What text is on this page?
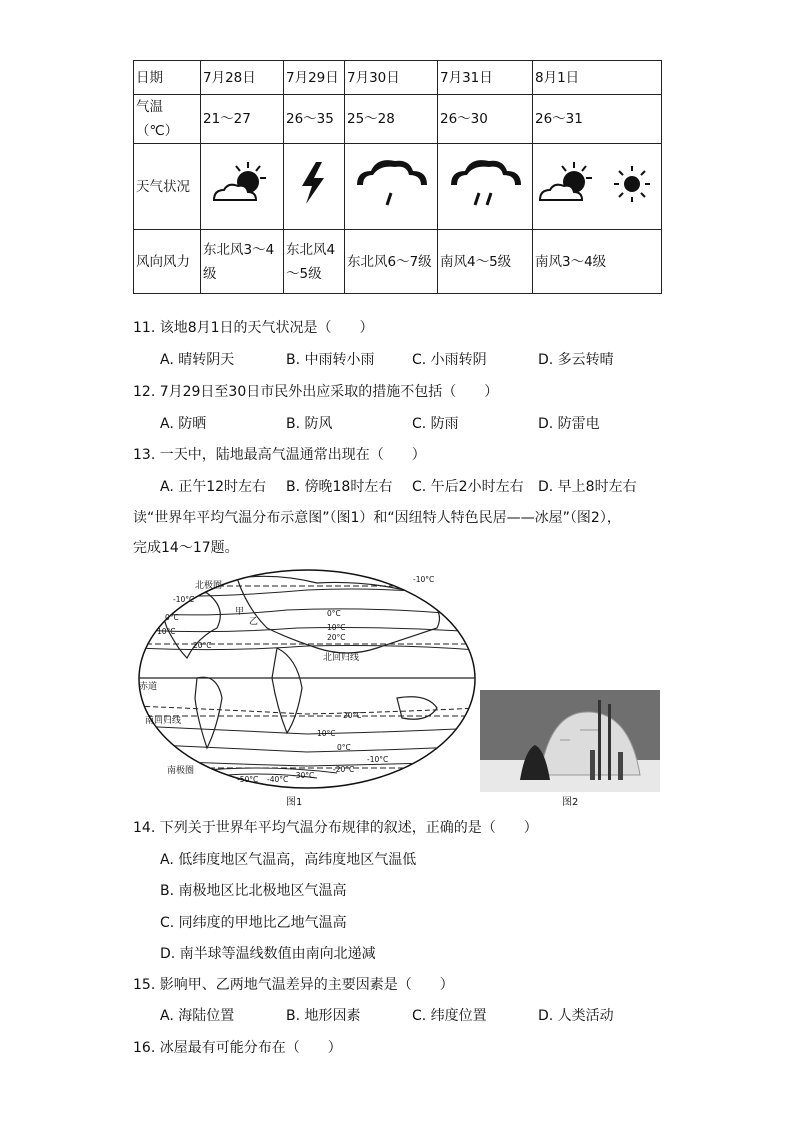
日期	7月28日	7月29日	7月30日	7月31日	8月1日
气温（℃）	21～27	26～35	25～28	26～30	26～31
天气状况					
风向风力	东北风3～4级	东北风4～5级	东北风6～7级	南风4～5级	南风3～4级
11. 该地8月1日的天气状况是（　　）
A. 晴转阴天	B. 中雨转小雨	C. 小雨转阴	D. 多云转晴
12. 7月29日至30日市民外出应采取的措施不包括（　　）
A. 防晒	B. 防风	C. 防雨	D. 防雷电
13. 一天中，陆地最高气温通常出现在（　　）
A. 正午12时左右 B. 傍晚18时左右 C. 午后2小时左右 D. 早上8时左右
读“世界年平均气温分布示意图”（图1）和“因纽特人特色民居——冰屋”（图2），
完成14～17题。
北极圈
北回归线
赤道
南回归线
南极圈
甲
乙
-10°C
0°C
10°C
20°C
-10°C
0°C
10°C
20°C
20°C
10°C
0°C
-10°C
-20°C
-30°C
-40°C
-50°C
图1	图2
14. 下列关于世界年平均气温分布规律的叙述，正确的是（　　）
A. 低纬度地区气温高，高纬度地区气温低
B. 南极地区比北极地区气温高
C. 同纬度的甲地比乙地气温高
D. 南半球等温线数值由南向北递减
15. 影响甲、乙两地气温差异的主要因素是（　　）
A. 海陆位置	B. 地形因素	C. 纬度位置	D. 人类活动
16. 冰屋最有可能分布在（　　）
